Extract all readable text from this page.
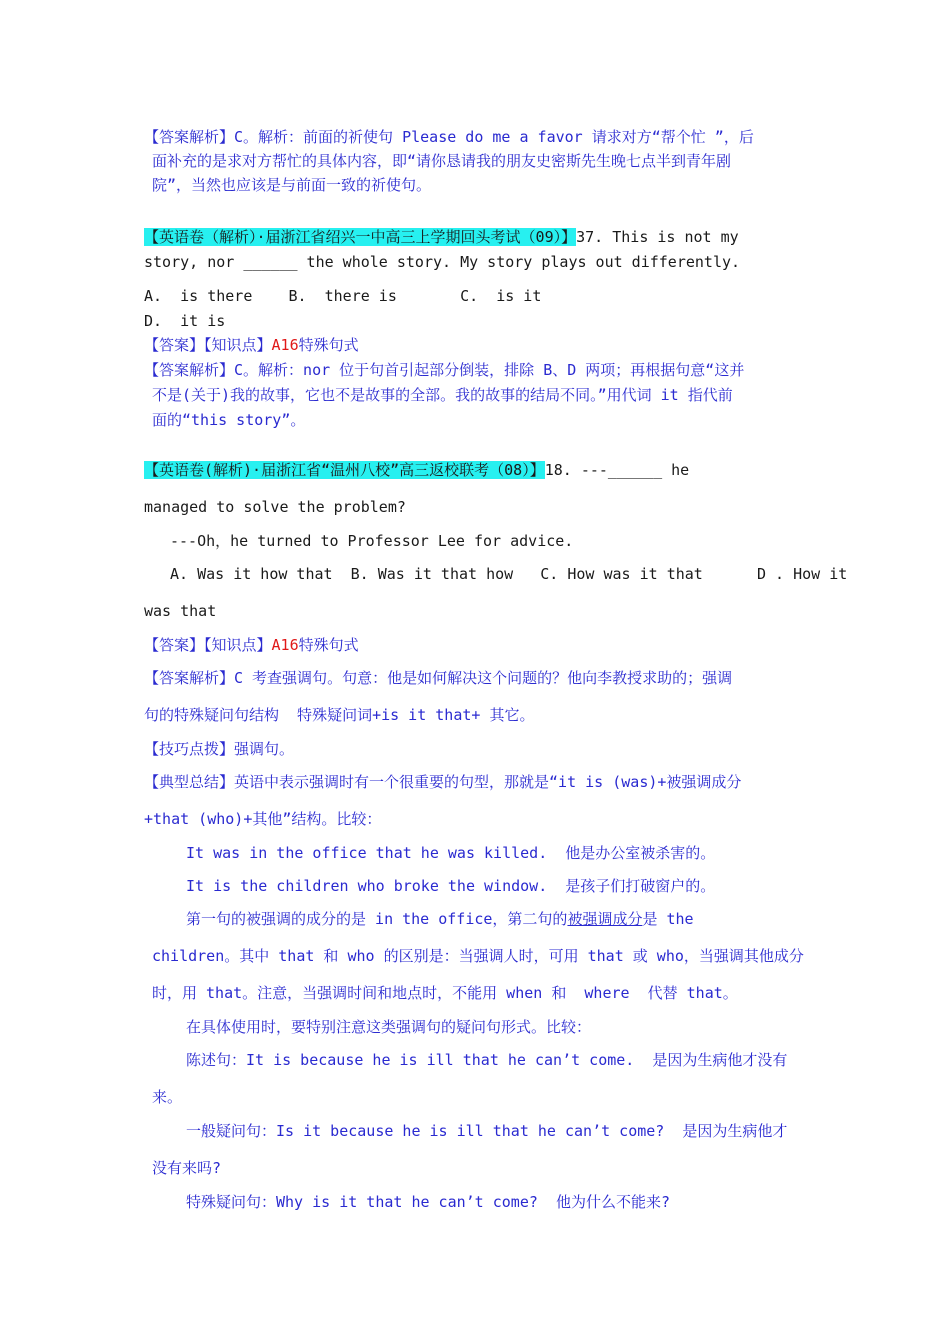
【答案解析】C。解析：前面的祈使句 Please do me a favor 请求对方“帮个忙 ”，后
面补充的是求对方帮忙的具体内容，即“请你恳请我的朋友史密斯先生晚七点半到青年剧
院”，当然也应该是与前面一致的祈使句。
【英语卷（解析）·届浙江省绍兴一中高三上学期回头考试（09）】37. This is not my
story, nor ______ the whole story. My story plays out differently.
A.  is there    B.  there is       C.  is it
D.  it is
【答案】【知识点】A16特殊句式
【答案解析】C。解析：nor 位于句首引起部分倒装，排除 B、D 两项；再根据句意“这并
不是(关于)我的故事，它也不是故事的全部。我的故事的结局不同。”用代词 it 指代前
面的“this story”。
【英语卷(解析)·届浙江省“温州八校”高三返校联考（08）】18. ---______ he
managed to solve the problem?
---Oh，he turned to Professor Lee for advice.
A. Was it how that  B. Was it that how   C. How was it that      D . How it
was that
【答案】【知识点】A16特殊句式
【答案解析】C 考查强调句。句意：他是如何解决这个问题的？他向李教授求助的；强调
句的特殊疑问句结构  特殊疑问词+is it that+ 其它。
【技巧点拨】强调句。
【典型总结】英语中表示强调时有一个很重要的句型，那就是“it is (was)+被强调成分
+that (who)+其他”结构。比较：
It was in the office that he was killed.  他是办公室被杀害的。
It is the children who broke the window.  是孩子们打破窗户的。
第一句的被强调的成分的是 in the office，第二句的被强调成分是 the
children。其中 that 和 who 的区别是：当强调人时，可用 that 或 who，当强调其他成分
时，用 that。注意，当强调时间和地点时，不能用 when 和  where  代替 that。
在具体使用时，要特别注意这类强调句的疑问句形式。比较：
陈述句：It is because he is ill that he can’t come.  是因为生病他才没有
来。
一般疑问句：Is it because he is ill that he can’t come?  是因为生病他才
没有来吗?
特殊疑问句：Why is it that he can’t come?  他为什么不能来?
